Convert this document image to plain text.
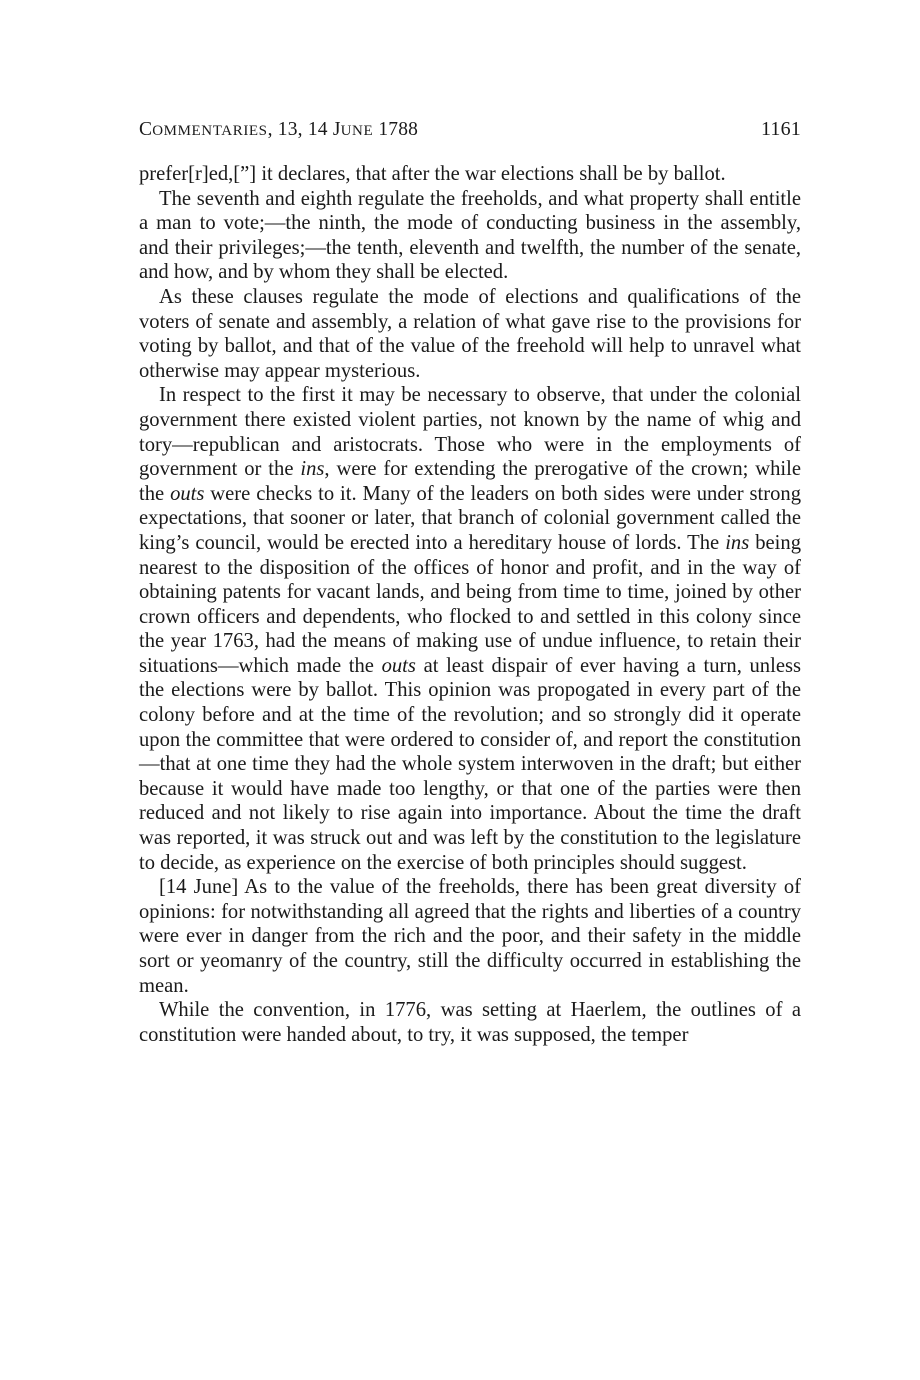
COMMENTARIES, 13, 14 JUNE 1788	1161

prefer[r]ed,[”] it declares, that after the war elections shall be by ballot.

The seventh and eighth regulate the freeholds, and what property shall entitle a man to vote;—the ninth, the mode of conducting business in the assembly, and their privileges;—the tenth, eleventh and twelfth, the number of the senate, and how, and by whom they shall be elected.

As these clauses regulate the mode of elections and qualifications of the voters of senate and assembly, a relation of what gave rise to the provisions for voting by ballot, and that of the value of the freehold will help to unravel what otherwise may appear mysterious.

In respect to the first it may be necessary to observe, that under the colonial government there existed violent parties, not known by the name of whig and tory—republican and aristocrats. Those who were in the employments of government or the ins, were for extending the prerogative of the crown; while the outs were checks to it. Many of the leaders on both sides were under strong expectations, that sooner or later, that branch of colonial government called the king’s council, would be erected into a hereditary house of lords. The ins being nearest to the disposition of the offices of honor and profit, and in the way of obtaining patents for vacant lands, and being from time to time, joined by other crown officers and dependents, who flocked to and settled in this colony since the year 1763, had the means of making use of undue influence, to retain their situations—which made the outs at least dispair of ever having a turn, unless the elections were by ballot. This opinion was propogated in every part of the colony before and at the time of the revolution; and so strongly did it operate upon the committee that were ordered to consider of, and report the constitution—that at one time they had the whole system interwoven in the draft; but either because it would have made too lengthy, or that one of the parties were then reduced and not likely to rise again into importance. About the time the draft was reported, it was struck out and was left by the constitution to the legislature to decide, as experience on the exercise of both principles should suggest.

[14 June] As to the value of the freeholds, there has been great diversity of opinions: for notwithstanding all agreed that the rights and liberties of a country were ever in danger from the rich and the poor, and their safety in the middle sort or yeomanry of the country, still the difficulty occurred in establishing the mean.

While the convention, in 1776, was setting at Haerlem, the outlines of a constitution were handed about, to try, it was supposed, the temper
